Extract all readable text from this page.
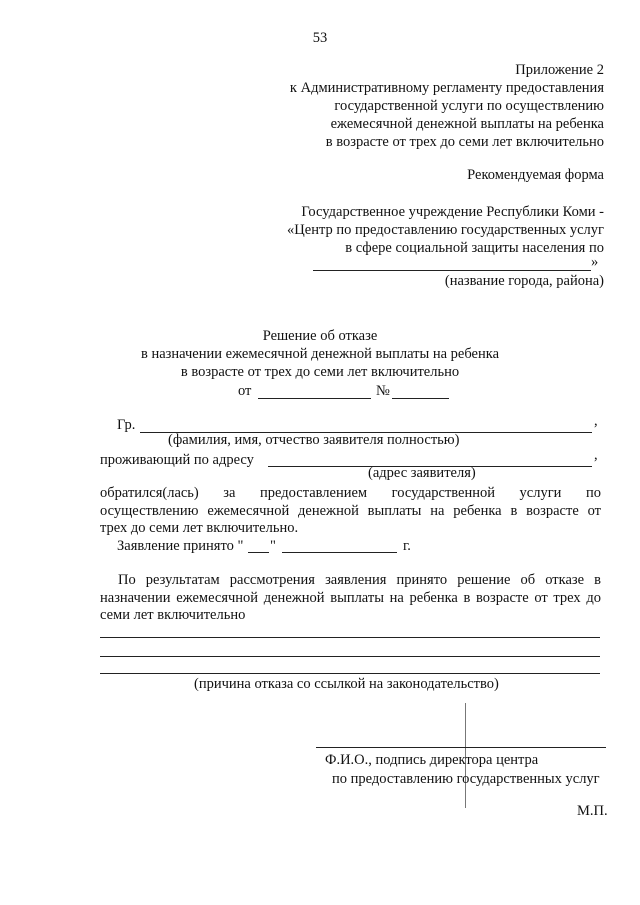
53
Приложение 2
к Административному регламенту предоставления
государственной услуги по осуществлению
ежемесячной денежной выплаты на ребенка
в возрасте от трех до семи лет включительно
Рекомендуемая форма
Государственное учреждение Республики Коми -
«Центр по предоставлению государственных услуг
в сфере социальной защиты населения по
»
(название города, района)
Решение об отказе
в назначении ежемесячной денежной выплаты на ребенка
в возрасте от трех до семи лет включительно
от	№
Гр.	,
(фамилия, имя, отчество заявителя полностью)
проживающий по адресу	,
(адрес заявителя)
обратился(лась) за предоставлением государственной услуги по
осуществлению ежемесячной денежной выплаты на ребенка в возрасте от
трех до семи лет включительно.
Заявление принято " "	г.
По результатам рассмотрения заявления принято решение об отказе в
назначении ежемесячной денежной выплаты на ребенка в возрасте от трех до
семи лет включительно
(причина отказа со ссылкой на законодательство)
Ф.И.О., подпись директора центра
по предоставлению государственных услуг
М.П.
